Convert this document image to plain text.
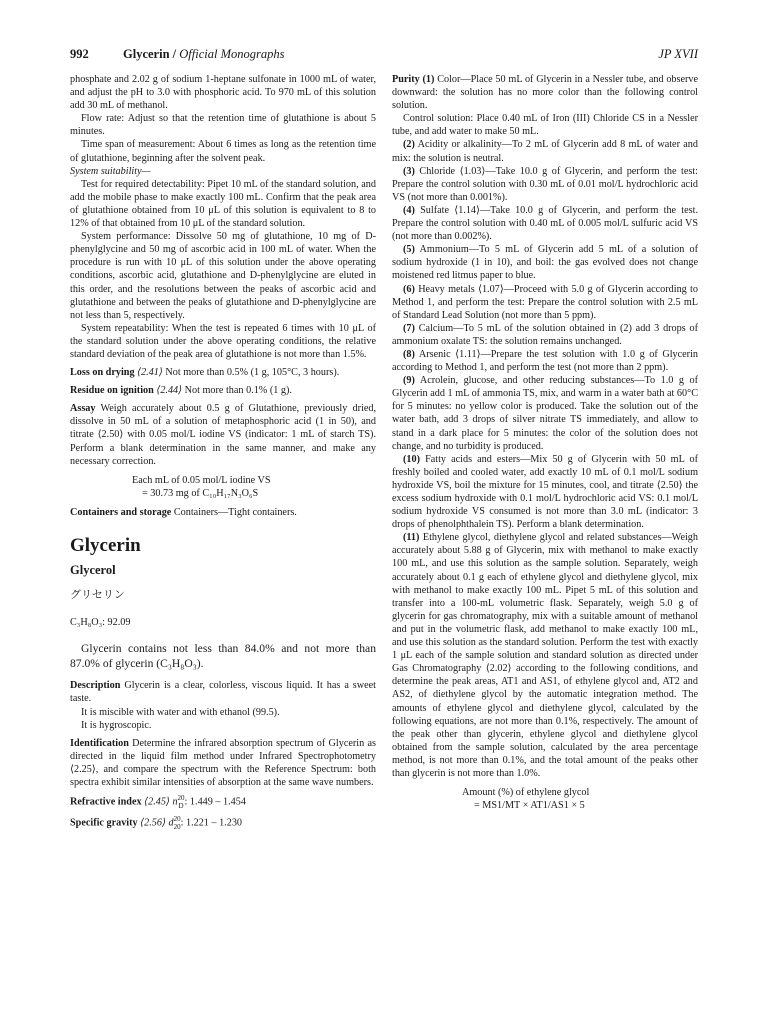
992	Glycerin / Official Monographs	JP XVII

phosphate and 2.02 g of sodium 1-heptane sulfonate in 1000 mL of water, and adjust the pH to 3.0 with phosphoric acid. To 970 mL of this solution add 30 mL of methanol.

Flow rate: Adjust so that the retention time of glutathione is about 5 minutes.

Time span of measurement: About 6 times as long as the retention time of glutathione, beginning after the solvent peak.

System suitability—

Test for required detectability: Pipet 10 mL of the standard solution, and add the mobile phase to make exactly 100 mL. Confirm that the peak area of glutathione obtained from 10 μL of this solution is equivalent to 8 to 12% of that obtained from 10 μL of the standard solution.

System performance: Dissolve 50 mg of glutathione, 10 mg of D-phenylglycine and 50 mg of ascorbic acid in 100 mL of water. When the procedure is run with 10 μL of this solution under the above operating conditions, ascorbic acid, glutathione and D-phenylglycine are eluted in this order, and the resolutions between the peaks of ascorbic acid and glutathione and between the peaks of glutathione and D-phenylglycine are not less than 5, respectively.

System repeatability: When the test is repeated 6 times with 10 μL of the standard solution under the above operating conditions, the relative standard deviation of the peak area of glutathione is not more than 1.5%.

Loss on drying ⟨2.41⟩ Not more than 0.5% (1 g, 105°C, 3 hours).

Residue on ignition ⟨2.44⟩ Not more than 0.1% (1 g).

Assay Weigh accurately about 0.5 g of Glutathione, previously dried, dissolve in 50 mL of a solution of metaphosphoric acid (1 in 50), and titrate ⟨2.50⟩ with 0.05 mol/L iodine VS (indicator: 1 mL of starch TS). Perform a blank determination in the same manner, and make any necessary correction.

Each mL of 0.05 mol/L iodine VS
= 30.73 mg of C₁₀H₁₇N₃O₆S

Containers and storage Containers—Tight containers.

Glycerin

Glycerol

グリセリン

C₃H₈O₃: 92.09

Glycerin contains not less than 84.0% and not more than 87.0% of glycerin (C₃H₈O₃).

Description Glycerin is a clear, colorless, viscous liquid. It has a sweet taste.

It is miscible with water and with ethanol (99.5).

It is hygroscopic.

Identification Determine the infrared absorption spectrum of Glycerin as directed in the liquid film method under Infrared Spectrophotometry ⟨2.25⟩, and compare the spectrum with the Reference Spectrum: both spectra exhibit similar intensities of absorption at the same wave numbers.

Refractive index ⟨2.45⟩ n 20
D : 1.449 – 1.454

Specific gravity ⟨2.56⟩ d 20
20 : 1.221 – 1.230

Purity (1) Color—Place 50 mL of Glycerin in a Nessler tube, and observe downward: the solution has no more color than the following control solution.

Control solution: Place 0.40 mL of Iron (III) Chloride CS in a Nessler tube, and add water to make 50 mL.

(2) Acidity or alkalinity—To 2 mL of Glycerin add 8 mL of water and mix: the solution is neutral.

(3) Chloride ⟨1.03⟩—Take 10.0 g of Glycerin, and perform the test: Prepare the control solution with 0.30 mL of 0.01 mol/L hydrochloric acid VS (not more than 0.001%).

(4) Sulfate ⟨1.14⟩—Take 10.0 g of Glycerin, and perform the test. Prepare the control solution with 0.40 mL of 0.005 mol/L sulfuric acid VS (not more than 0.002%).

(5) Ammonium—To 5 mL of Glycerin add 5 mL of a solution of sodium hydroxide (1 in 10), and boil: the gas evolved does not change moistened red litmus paper to blue.

(6) Heavy metals ⟨1.07⟩—Proceed with 5.0 g of Glycerin according to Method 1, and perform the test: Prepare the control solution with 2.5 mL of Standard Lead Solution (not more than 5 ppm).

(7) Calcium—To 5 mL of the solution obtained in (2) add 3 drops of ammonium oxalate TS: the solution remains unchanged.

(8) Arsenic ⟨1.11⟩—Prepare the test solution with 1.0 g of Glycerin according to Method 1, and perform the test (not more than 2 ppm).

(9) Acrolein, glucose, and other reducing substances—To 1.0 g of Glycerin add 1 mL of ammonia TS, mix, and warm in a water bath at 60°C for 5 minutes: no yellow color is produced. Take the solution out of the water bath, add 3 drops of silver nitrate TS immediately, and allow to stand in a dark place for 5 minutes: the color of the solution does not change, and no turbidity is produced.

(10) Fatty acids and esters—Mix 50 g of Glycerin with 50 mL of freshly boiled and cooled water, add exactly 10 mL of 0.1 mol/L sodium hydroxide VS, boil the mixture for 15 minutes, cool, and titrate ⟨2.50⟩ the excess sodium hydroxide with 0.1 mol/L hydrochloric acid VS: 0.1 mol/L sodium hydroxide VS consumed is not more than 3.0 mL (indicator: 3 drops of phenolphthalein TS). Perform a blank determination.

(11) Ethylene glycol, diethylene glycol and related substances—Weigh accurately about 5.88 g of Glycerin, mix with methanol to make exactly 100 mL, and use this solution as the sample solution. Separately, weigh accurately about 0.1 g each of ethylene glycol and diethylene glycol, mix with methanol to make exactly 100 mL. Pipet 5 mL of this solution and transfer into a 100-mL volumetric flask. Separately, weigh 5.0 g of glycerin for gas chromatography, mix with a suitable amount of methanol and put in the volumetric flask, add methanol to make exactly 100 mL, and use this solution as the standard solution. Perform the test with exactly 1 μL each of the sample solution and standard solution as directed under Gas Chromatography ⟨2.02⟩ according to the following conditions, and determine the peak areas, AT1 and AS1, of ethylene glycol and, AT2 and AS2, of diethylene glycol by the automatic integration method. The amounts of ethylene glycol and diethylene glycol, calculated by the following equations, are not more than 0.1%, respectively. The amount of the peak other than glycerin, ethylene glycol and diethylene glycol obtained from the sample solution, calculated by the area percentage method, is not more than 0.1%, and the total amount of the peaks other than glycerin is not more than 1.0%.

Amount (%) of ethylene glycol
= MS1/MT × AT1/AS1 × 5
